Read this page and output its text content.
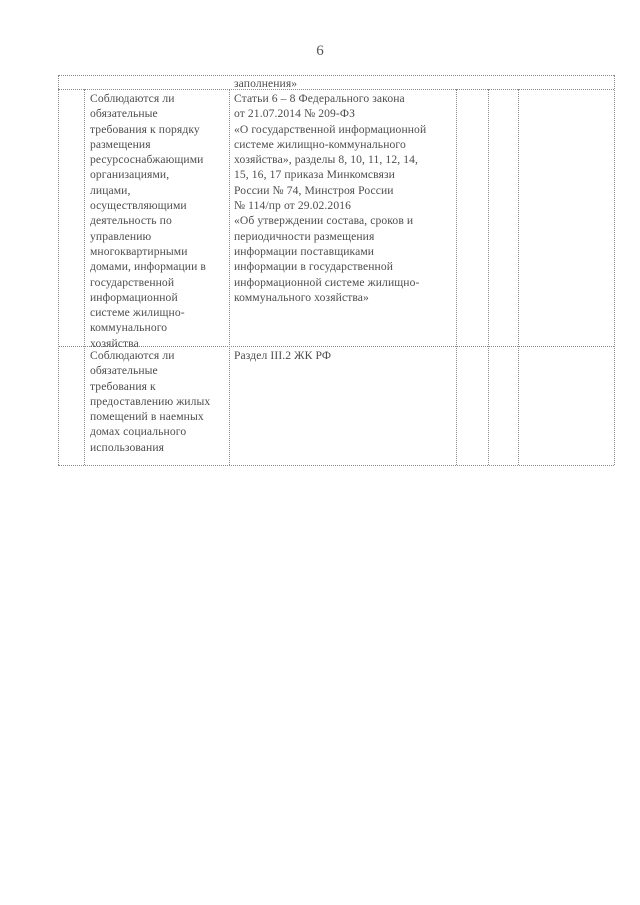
6
заполнения»
Соблюдаются ли
обязательные
требования к порядку
размещения
ресурсоснабжающими
организациями,
лицами,
осуществляющими
деятельность по
управлению
многоквартирными
домами, информации в
государственной
информационной
системе жилищно-
коммунального
хозяйства
Статьи 6 – 8 Федерального закона
от 21.07.2014 № 209-ФЗ
«О государственной информационной
системе жилищно-коммунального
хозяйства», разделы 8, 10, 11, 12, 14,
15, 16, 17 приказа Минкомсвязи
России № 74, Минстроя России
№ 114/пр от 29.02.2016
«Об утверждении состава, сроков и
периодичности размещения
информации поставщиками
информации в государственной
информационной системе жилищно-
коммунального хозяйства»
Соблюдаются ли
обязательные
требования к
предоставлению жилых
помещений в наемных
домах социального
использования
Раздел III.2 ЖК РФ
